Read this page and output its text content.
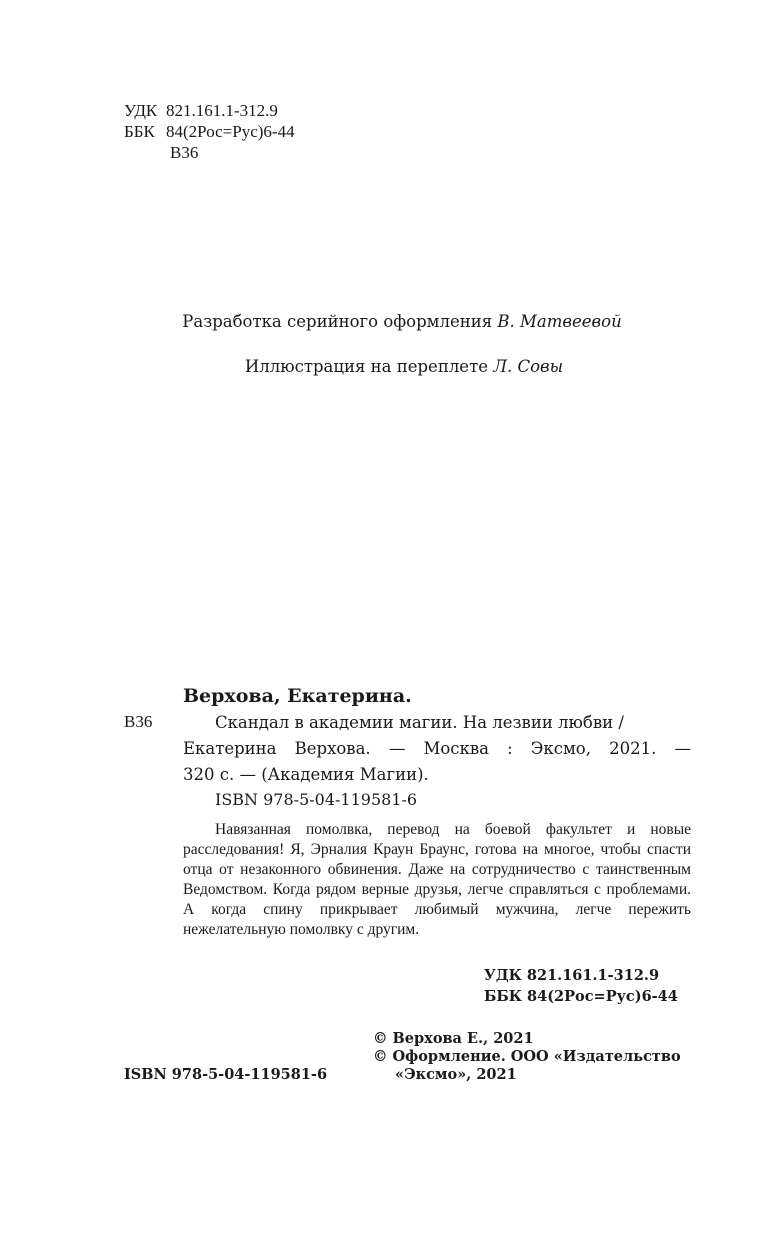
УДК 821.161.1-312.9
ББК 84(2Рос=Рус)6-44
В36
Разработка серийного оформления В. Матвеевой
Иллюстрация на переплете Л. Совы
Верхова, Екатерина.
В36	Скандал в академии магии. На лезвии любви /

Екатерина Верхова. — Москва : Эксмо, 2021. —

320 с. — (Академия Магии).

ISBN 978-5-04-119581-6

Навязанная помолвка, перевод на боевой факультет и новые расследования! Я, Эрналия Краун Браунс, готова на многое, чтобы спасти отца от незаконного обвинения. Даже на сотрудничество с таинственным Ведомством. Когда рядом верные друзья, легче справляться с проблемами. А когда спину прикрывает любимый мужчина, легче пережить нежелательную помолвку с другим.

УДК 821.161.1-312.9
ББК 84(2Рос=Рус)6-44
© Верхова Е., 2021
© Оформление. ООО «Издательство
«Эксмо», 2021
ISBN 978-5-04-119581-6
